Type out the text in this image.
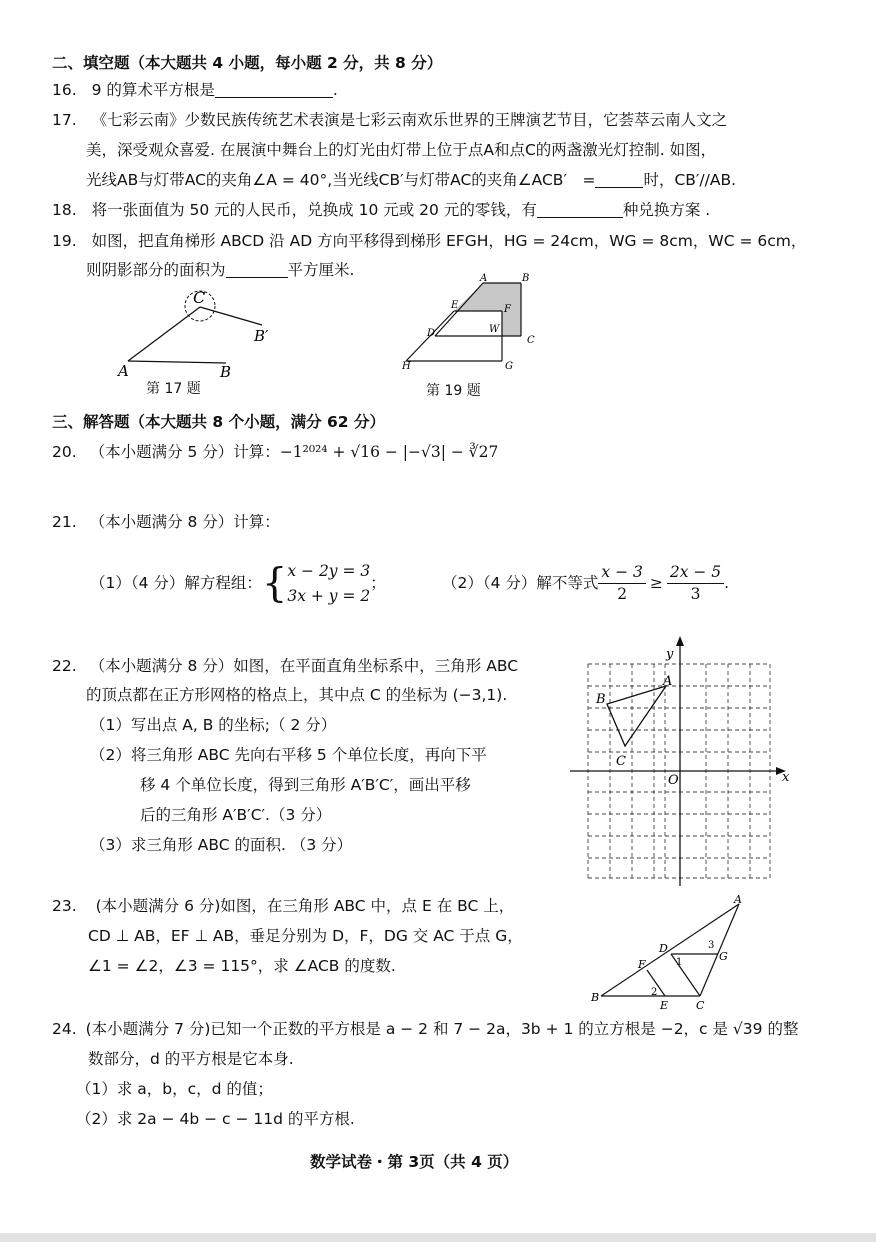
二、填空题（本大题共 4 小题，每小题 2 分，共 8 分）
16. 9 的算术平方根是	.
17. 《七彩云南》少数民族传统艺术表演是七彩云南欢乐世界的王牌演艺节目，它荟萃云南人文之
美，深受观众喜爱. 在展演中舞台上的灯光由灯带上位于点A和点C的两盏激光灯控制. 如图，
光线AB与灯带AC的夹角∠A = 40°,当光线CB′与灯带AC的夹角∠ACB′　=	时，CB′//AB.
18. 将一张面值为 50 元的人民币，兑换成 10 元或 20 元的零钱，有	种兑换方案 .
19. 如图，把直角梯形 ABCD 沿 AD 方向平移得到梯形 EFGH，HG = 24cm，WG = 8cm，WC = 6cm，
则阴影部分的面积为	平方厘米.
C
B′
A	B
第 17 题
A	B
E	F
D	W
C
H	G
第 19 题
三、解答题（本大题共 8 个小题，满分 62 分）
20. （本小题满分 5 分）计算：−1²⁰²⁴ + √16 − |−√3| − ∛27
21. （本小题满分 8 分）计算：
（1）（4 分）解方程组：{ x − 2y = 3
3x + y = 2
；	（2）（4 分）解不等式 $\frac{x - 3}{2} \ge \frac{2x - 5}{3}$ .
22. （本小题满分 8 分）如图，在平面直角坐标系中，三角形 ABC
的顶点都在正方形网格的格点上，其中点 C 的坐标为 (−3,1).
（1）写出点 A, B 的坐标;（ 2 分）
（2）将三角形 ABC 先向右平移 5 个单位长度，再向下平
移 4 个单位长度，得到三角形 A′B′C′，画出平移
后的三角形 A′B′C′.（3 分）
（3）求三角形 ABC 的面积. （3 分）
y
x
O
A
B
C
23. (本小题满分 6 分)如图，在三角形 ABC 中，点 E 在 BC 上，
CD ⊥ AB，EF ⊥ AB，垂足分别为 D，F，DG 交 AC 于点 G，
∠1 = ∠2，∠3 = 115°，求 ∠ACB 的度数.
A
D	3
G
F	1
2
B
E	C
24. (本小题满分 7 分)已知一个正数的平方根是 a − 2 和 7 − 2a，3b + 1 的立方根是 −2，c 是 √39 的整
数部分，d 的平方根是它本身.
（1）求 a，b，c，d 的值；
（2）求 2a − 4b − c − 11d 的平方根.
数学试卷・第 3页（共 4 页）
